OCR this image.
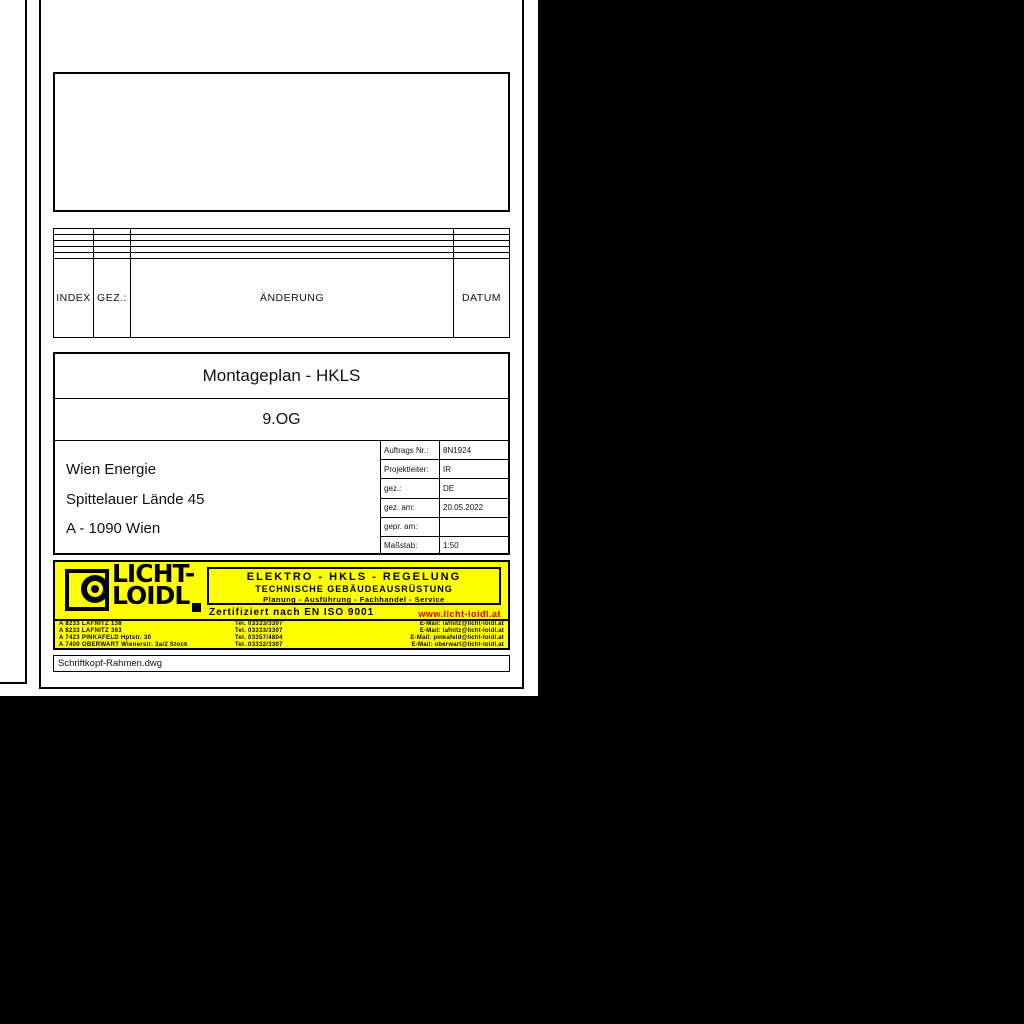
INDEX	GEZ.:	ÄNDERUNG	DATUM
Montageplan - HKLS
9.OG
Wien Energie
Spittelauer Lände 45
A - 1090 Wien
Auftrags Nr.:	8N1924
Projektleiter:	IR
gez.:	DE
gez. am:	20.05.2022
gepr. am:
Maßstab:	1:50
LICHT-
LOIDL
ELEKTRO - HKLS - REGELUNG
TECHNISCHE GEBÄUDEAUSRÜSTUNG
Planung - Ausführung - Fachhandel - Service
Zertifiziert nach EN ISO 9001	www.licht-loidl.at
A 8233 LAFNITZ 138	Tel. 03333/3307	E-Mail: lafnitz@licht-loidl.at
A 8233 LAFNITZ 363	Tel. 03333/3307	E-Mail: lafnitz@licht-loidl.at
A 7423 PINKAFELD Hptstr. 30	Tel. 03357/4804	E-Mail: pinkafeld@licht-loidl.at
A 7400 OBERWART Wienerstr. 3a/2 Stock	Tel. 03332/3307	E-Mail: oberwart@licht-loidl.at
Schriftkopf-Rahmen.dwg
